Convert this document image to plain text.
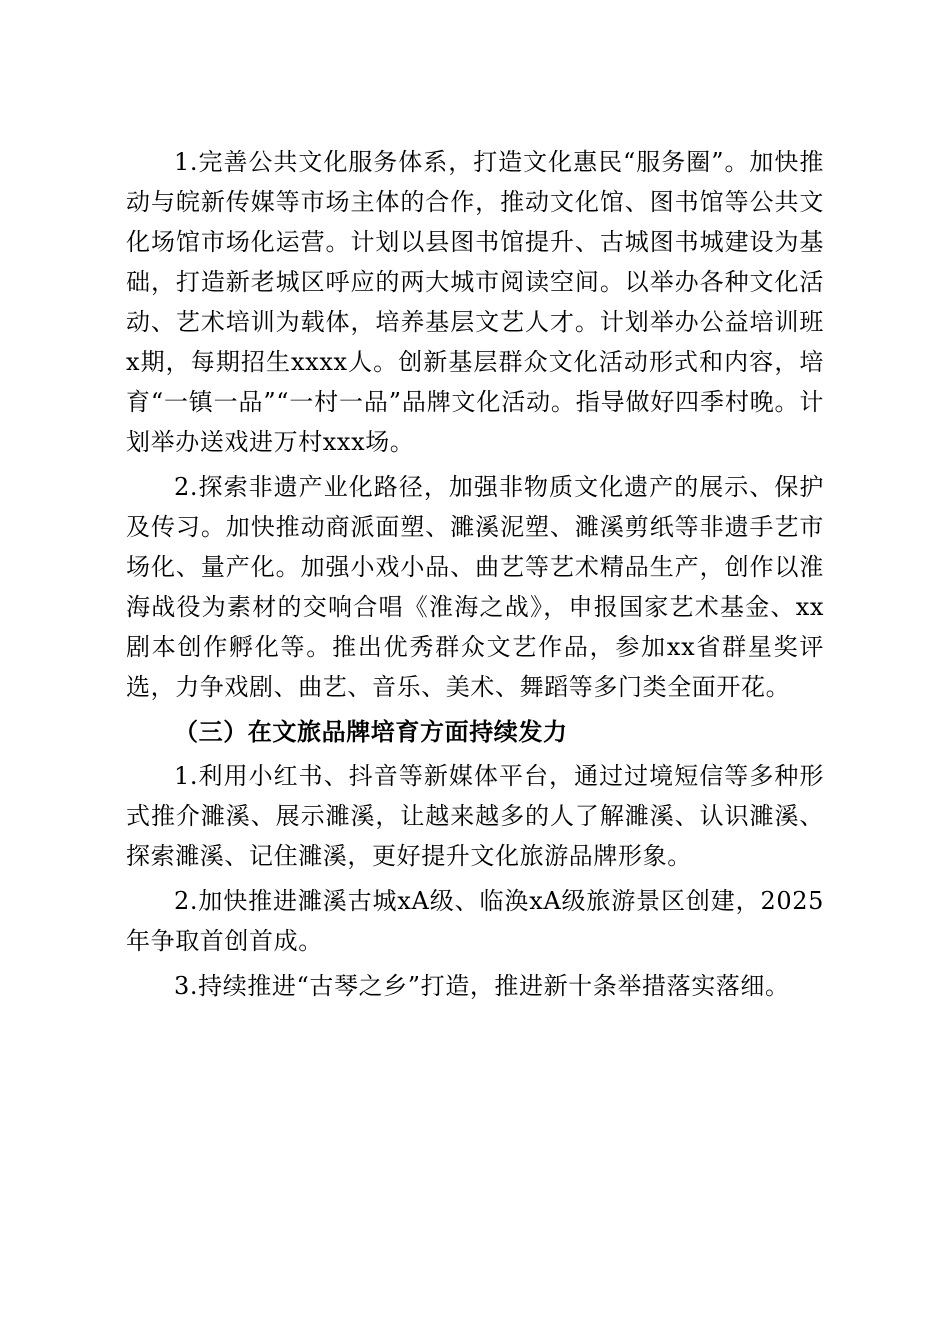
1.完善公共文化服务体系，打造文化惠民“服务圈”。加快推动与皖新传媒等市场主体的合作，推动文化馆、图书馆等公共文化场馆市场化运营。计划以县图书馆提升、古城图书城建设为基础，打造新老城区呼应的两大城市阅读空间。以举办各种文化活动、艺术培训为载体，培养基层文艺人才。计划举办公益培训班x期，每期招生xxxx人。创新基层群众文化活动形式和内容，培育“一镇一品”“一村一品”品牌文化活动。指导做好四季村晚。计划举办送戏进万村xxx场。

2.探索非遗产业化路径，加强非物质文化遗产的展示、保护及传习。加快推动商派面塑、濉溪泥塑、濉溪剪纸等非遗手艺市场化、量产化。加强小戏小品、曲艺等艺术精品生产，创作以淮海战役为素材的交响合唱《淮海之战》，申报国家艺术基金、xx剧本创作孵化等。推出优秀群众文艺作品，参加xx省群星奖评选，力争戏剧、曲艺、音乐、美术、舞蹈等多门类全面开花。

（三）在文旅品牌培育方面持续发力

1.利用小红书、抖音等新媒体平台，通过过境短信等多种形式推介濉溪、展示濉溪，让越来越多的人了解濉溪、认识濉溪、探索濉溪、记住濉溪，更好提升文化旅游品牌形象。

2.加快推进濉溪古城xA级、临涣xA级旅游景区创建，2025年争取首创首成。

3.持续推进“古琴之乡”打造，推进新十条举措落实落细。
